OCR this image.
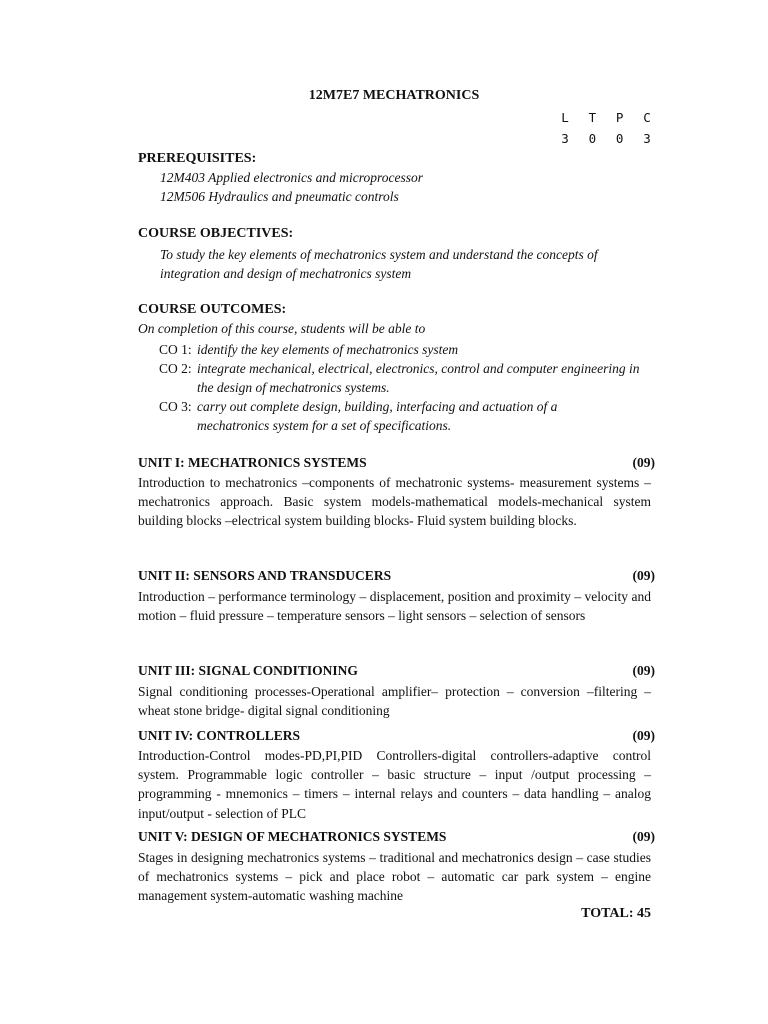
12M7E7 MECHATRONICS
L	T	P	C
3	0	0	3
PREREQUISITES:
12M403 Applied electronics and microprocessor
12M506 Hydraulics and pneumatic controls
COURSE OBJECTIVES:
To study the key elements of mechatronics system and understand the concepts of integration and design of mechatronics system
COURSE OUTCOMES:
On completion of this course, students will be able to
CO 1: identify the key elements of mechatronics system
CO 2: integrate mechanical, electrical, electronics, control and computer engineering in the design of mechatronics systems.
CO 3: carry out complete design, building, interfacing and actuation of a mechatronics system for a set of specifications.
UNIT I: MECHATRONICS SYSTEMS	(09)
Introduction to mechatronics –components of mechatronic systems- measurement systems – mechatronics approach. Basic system models-mathematical models-mechanical system building blocks –electrical system building blocks- Fluid system building blocks.
UNIT II: SENSORS AND TRANSDUCERS	(09)
Introduction – performance terminology – displacement, position and proximity – velocity and motion – fluid pressure – temperature sensors – light sensors – selection of sensors
UNIT III: SIGNAL CONDITIONING	(09)
Signal conditioning processes-Operational amplifier– protection – conversion –filtering –wheat stone bridge- digital signal conditioning
UNIT IV: CONTROLLERS	(09)
Introduction-Control modes-PD,PI,PID Controllers-digital controllers-adaptive control system. Programmable logic controller – basic structure – input /output processing – programming - mnemonics – timers – internal relays and counters – data handling – analog input/output - selection of PLC
UNIT V: DESIGN OF MECHATRONICS SYSTEMS	(09)
Stages in designing mechatronics systems – traditional and mechatronics design – case studies of mechatronics systems – pick and place robot – automatic car park system – engine management system-automatic washing machine
TOTAL: 45
